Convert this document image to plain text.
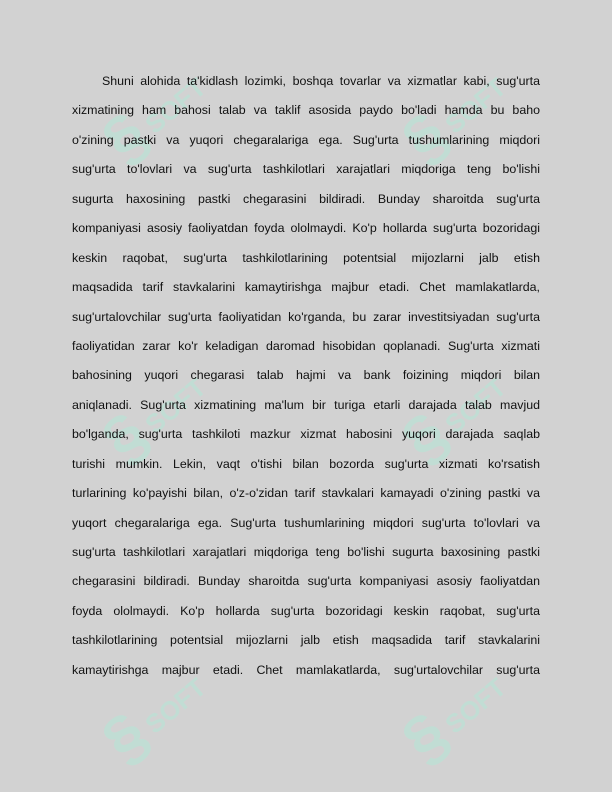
§
SOFT	§
SOFT
§
SOFT	§
SOFT
§
SOFT	§
SOFT
Shuni alohida ta'kidlash lozimki, boshqa tovarlar va xizmatlar kabi, sug'urta
xizmatining ham bahosi talab va taklif asosida paydo bo'ladi hamda bu baho
o'zining pastki va yuqori chegaralariga ega. Sug'urta tushumlarining miqdori
sug'urta to'lovlari va sug'urta tashkilotlari xarajatlari miqdoriga teng bo'lishi
sugurta haxosining pastki chegarasini bildiradi. Bunday sharoitda sug'urta
kompaniyasi asosiy faoliyatdan foyda ololmaydi. Ko'p hollarda sug'urta bozoridagi
keskin raqobat, sug'urta tashkilotlarining potentsial mijozlarni jalb etish
maqsadida tarif stavkalarini kamaytirishga majbur etadi. Chet mamlakatlarda,
sug'urtalovchilar sug'urta faoliyatidan ko'rganda, bu zarar investitsiyadan sug'urta
faoliyatidan zarar ko'r keladigan daromad hisobidan qoplanadi. Sug'urta xizmati
bahosining yuqori chegarasi talab hajmi va bank foizining miqdori bilan
aniqlanadi. Sug'urta xizmatining ma'lum bir turiga etarli darajada talab mavjud
bo'lganda, sug'urta tashkiloti mazkur xizmat habosini yuqori darajada saqlab
turishi mumkin. Lekin, vaqt o'tishi bilan bozorda sug'urta xizmati ko'rsatish
turlarining ko'payishi bilan, o'z-o'zidan tarif stavkalari kamayadi o'zining pastki va
yuqort chegaralariga ega. Sug'urta tushumlarining miqdori sug'urta to'lovlari va
sug'urta tashkilotlari xarajatlari miqdoriga teng bo'lishi sugurta baxosining pastki
chegarasini bildiradi. Bunday sharoitda sug'urta kompaniyasi asosiy faoliyatdan
foyda ololmaydi. Ko'p hollarda sug'urta bozoridagi keskin raqobat, sug'urta
tashkilotlarining potentsial mijozlarni jalb etish maqsadida tarif stavkalarini
kamaytirishga majbur etadi. Chet mamlakatlarda, sug'urtalovchilar sug'urta
